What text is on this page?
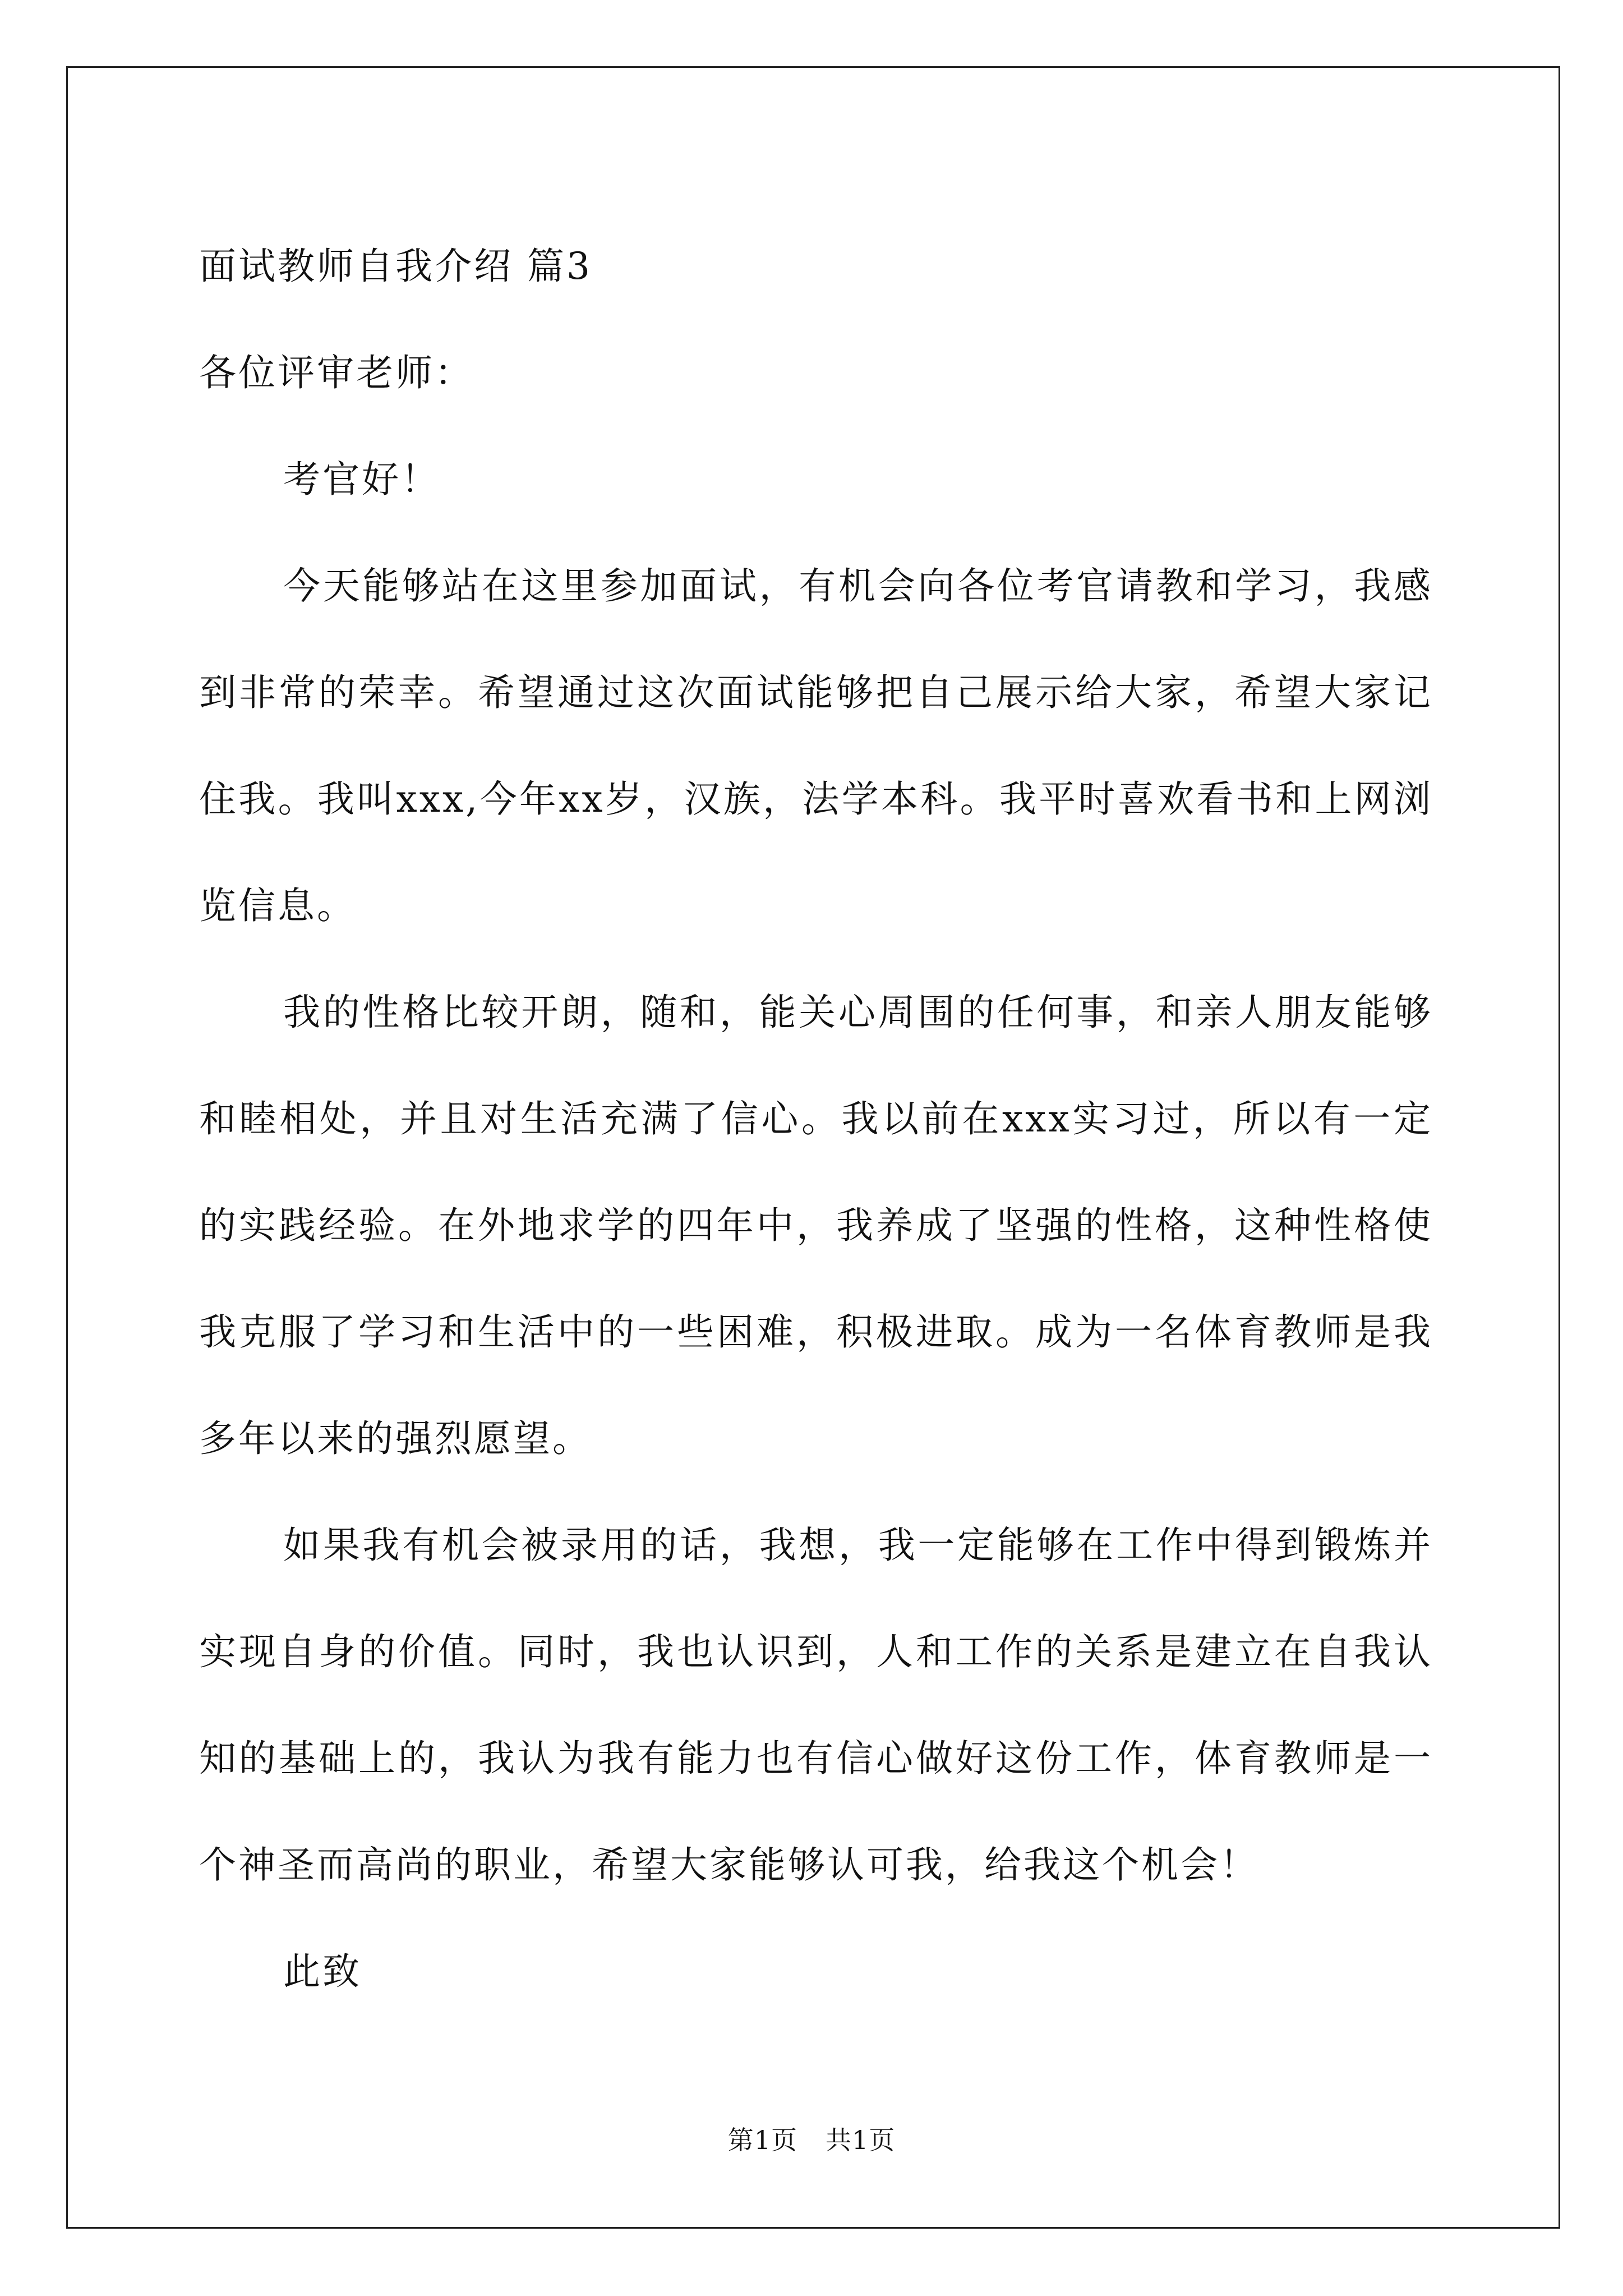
面试教师自我介绍 篇3

各位评审老师：

考官好！

今天能够站在这里参加面试，有机会向各位考官请教和学习，我感到非常的荣幸。希望通过这次面试能够把自己展示给大家，希望大家记住我。我叫xxx,今年xx岁，汉族，法学本科。我平时喜欢看书和上网浏览信息。

我的性格比较开朗，随和，能关心周围的任何事，和亲人朋友能够和睦相处，并且对生活充满了信心。我以前在xxx实习过，所以有一定的实践经验。在外地求学的四年中，我养成了坚强的性格，这种性格使我克服了学习和生活中的一些困难，积极进取。成为一名体育教师是我多年以来的强烈愿望。

如果我有机会被录用的话，我想，我一定能够在工作中得到锻炼并实现自身的价值。同时，我也认识到，人和工作的关系是建立在自我认知的基础上的，我认为我有能力也有信心做好这份工作，体育教师是一个神圣而高尚的职业，希望大家能够认可我，给我这个机会！

此致

第1页 共1页
